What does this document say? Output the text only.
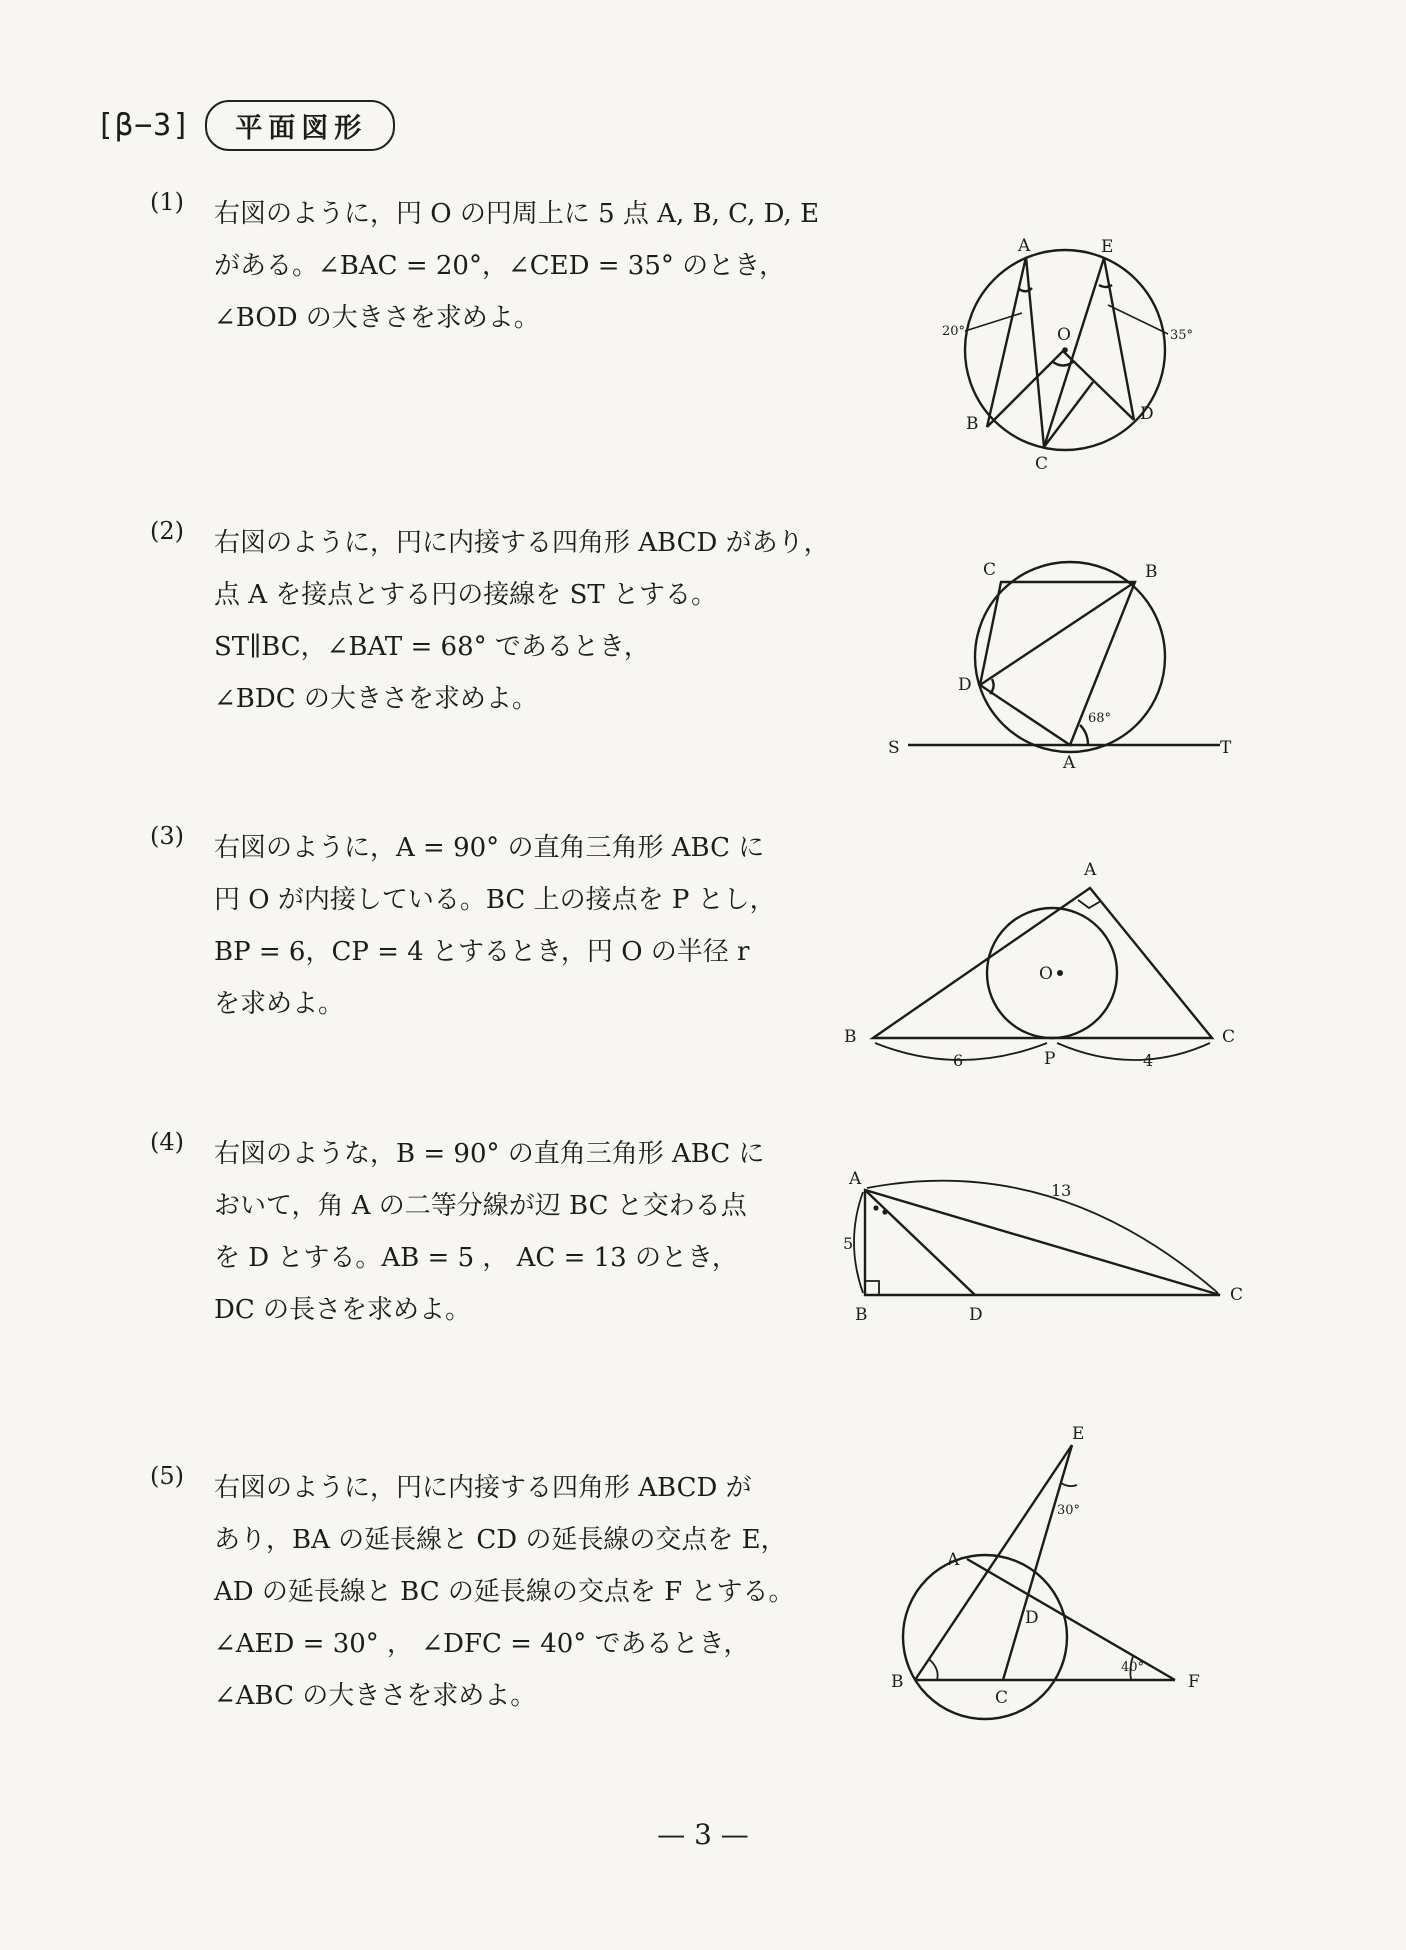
[β−3]	平面図形
(1) 右図のように，円 O の円周上に 5 点 A, B, C, D, E
がある。∠BAC = 20°，∠CED = 35° のとき，
∠BOD の大きさを求めよ。
A
B
C
D
E
O
20°	35°
(2) 右図のように，円に内接する四角形 ABCD があり，
点 A を接点とする円の接線を ST とする。
ST∥BC，∠BAT = 68° であるとき，
∠BDC の大きさを求めよ。
C	B
D
A
S	T
68°
(3) 右図のように，A = 90° の直角三角形 ABC に
円 O が内接している。BC 上の接点を P とし，
BP = 6，CP = 4 とするとき，円 O の半径 r
を求めよ。
A
B	C
P
O
6	4
(4) 右図のような，B = 90° の直角三角形 ABC に
おいて，角 A の二等分線が辺 BC と交わる点
を D とする。AB = 5 ， AC = 13 のとき，
DC の長さを求めよ。
A
B
C
D
5
13
(5) 右図のように，円に内接する四角形 ABCD が
あり，BA の延長線と CD の延長線の交点を E，
AD の延長線と BC の延長線の交点を F とする。
∠AED = 30° ， ∠DFC = 40° であるとき，
∠ABC の大きさを求めよ。
E
A
D
B
C
F
30°
40°
— 3 —
